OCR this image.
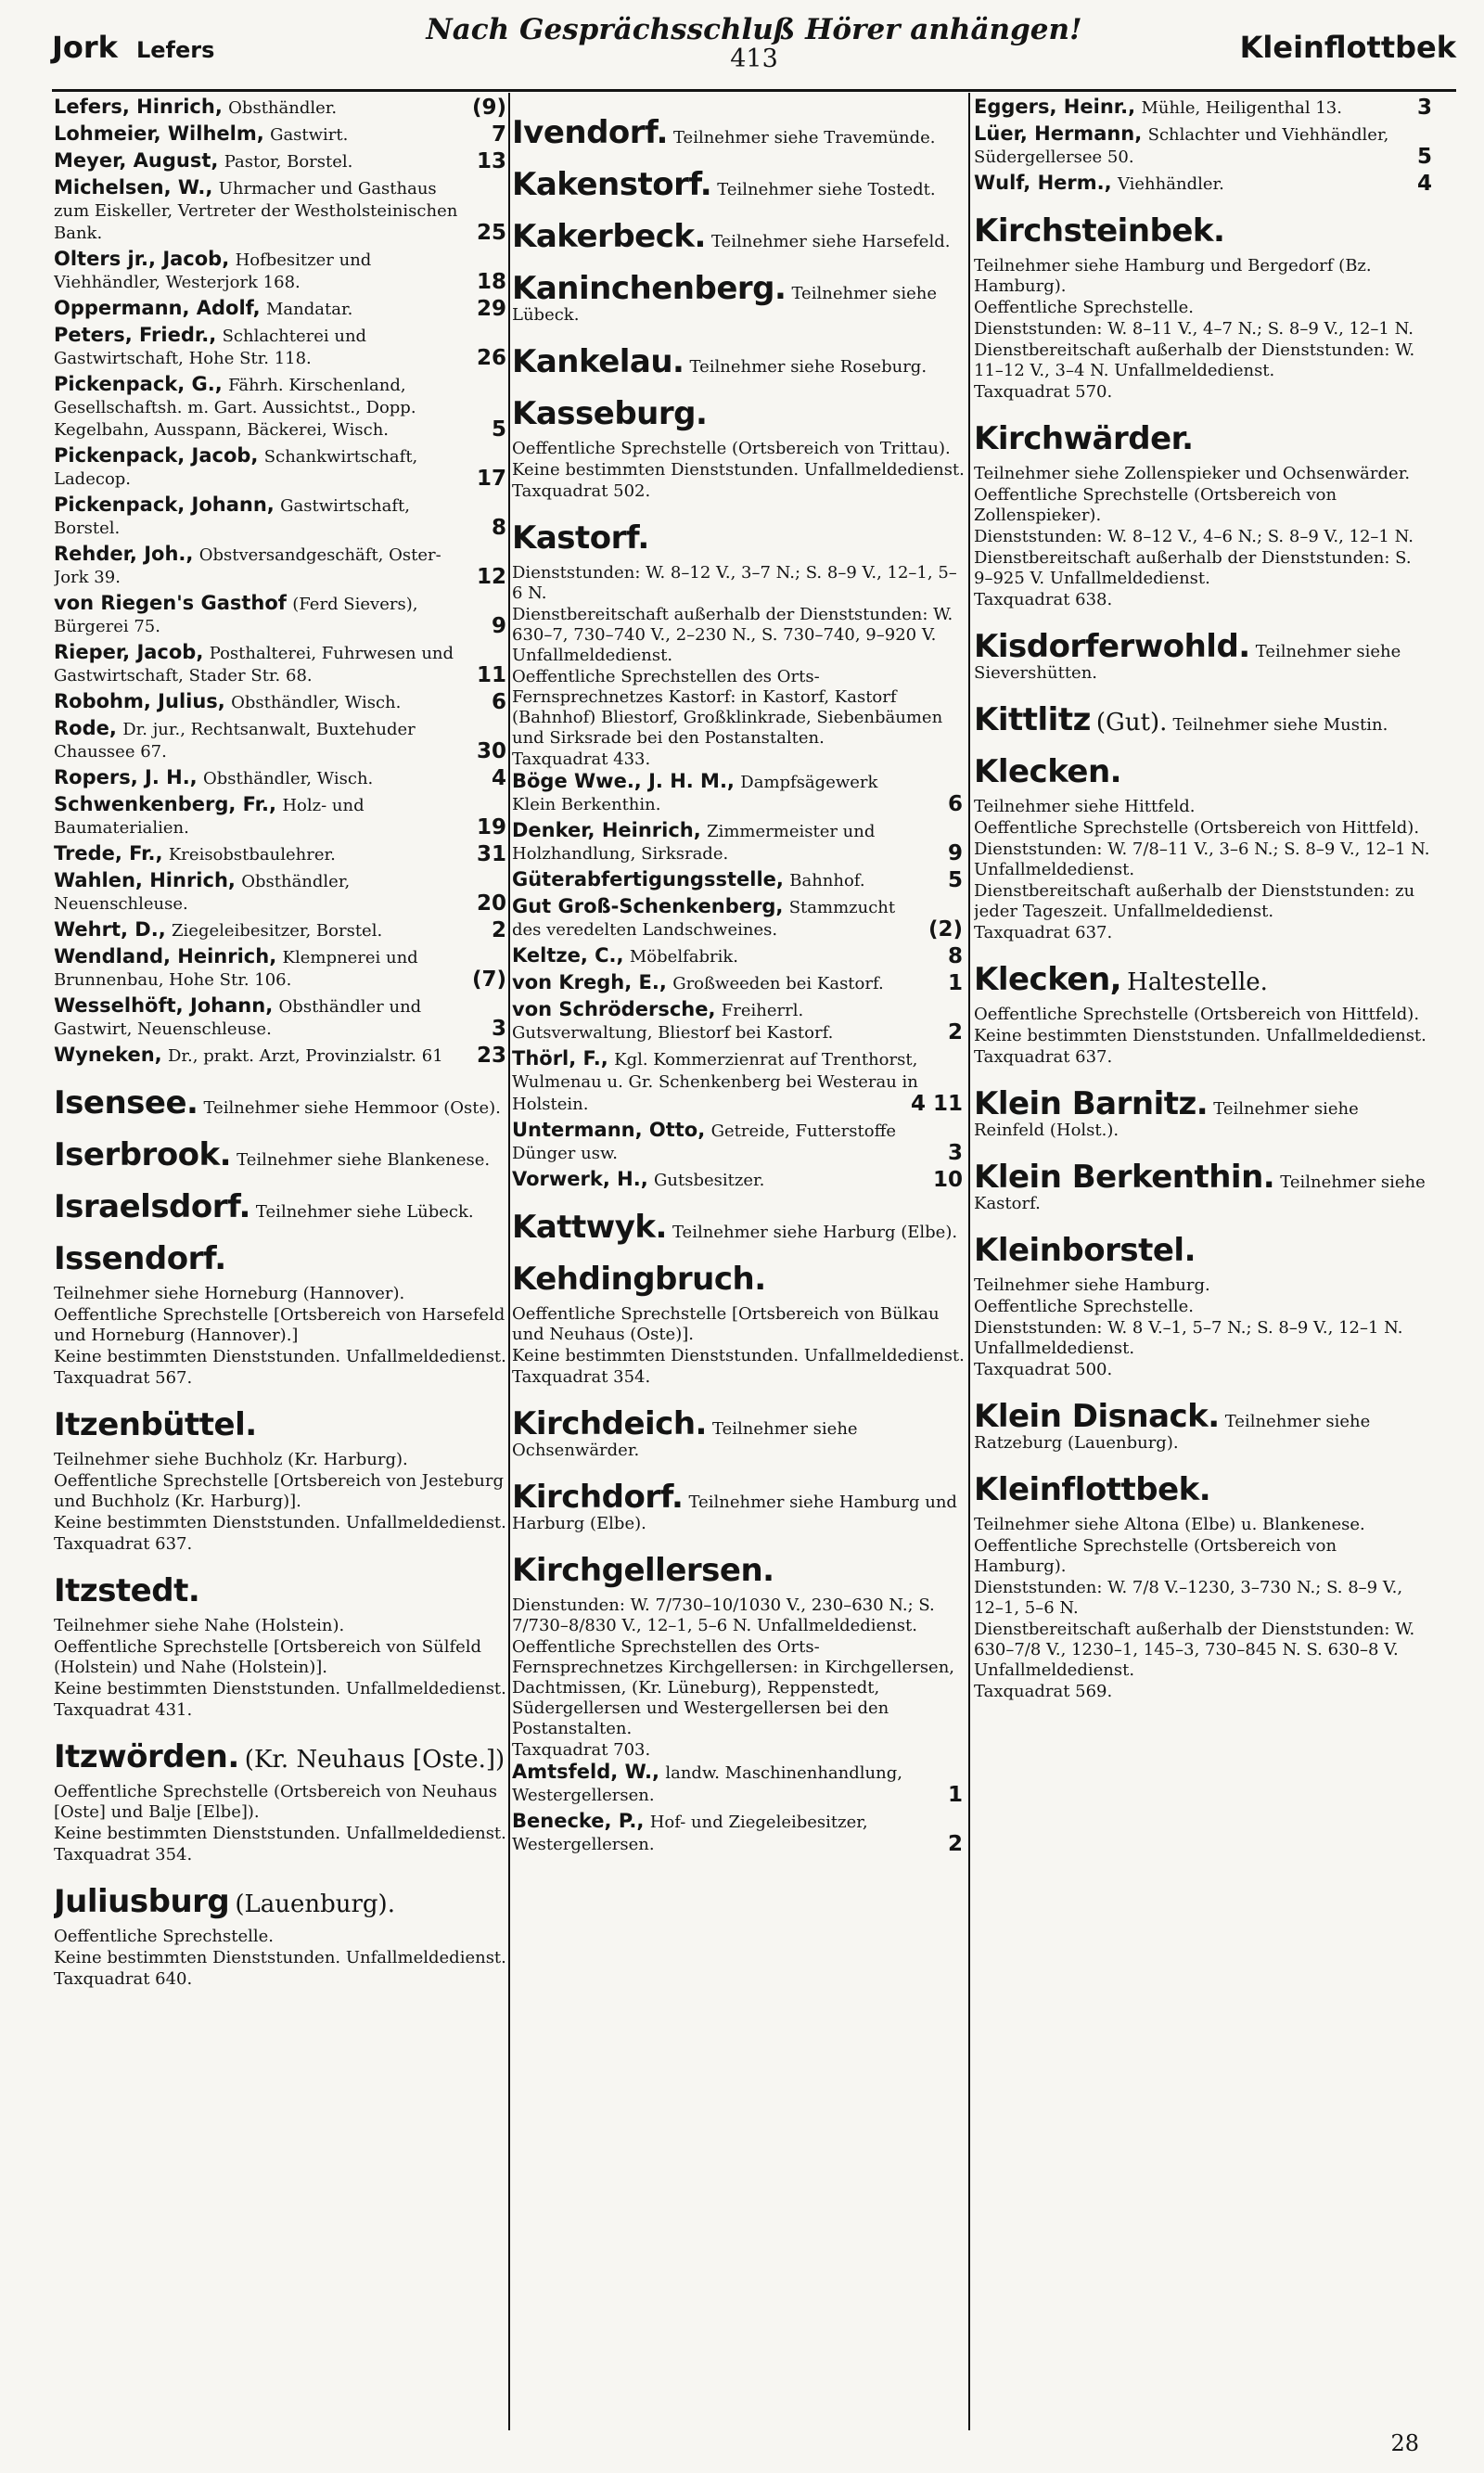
Jork Lefers
Nach Gesprächsschluß Hörer anhängen!
413	Kleinflottbek
Lefers, Hinrich, Obsthändler.	(9)
Lohmeier, Wilhelm, Gastwirt.	7
Meyer, August, Pastor, Borstel.	13
Michelsen, W., Uhrmacher und Gasthaus zum Eiskeller, Vertreter der Westholsteinischen Bank.	25
Olters jr., Jacob, Hofbesitzer und Viehhändler, Westerjork 168.	18
Oppermann, Adolf, Mandatar.	29
Peters, Friedr., Schlachterei und Gastwirtschaft, Hohe Str. 118.	26
Pickenpack, G., Fährh. Kirschenland, Gesellschaftsh. m. Gart. Aussichtst., Dopp. Kegelbahn, Ausspann, Bäckerei, Wisch.	5
Pickenpack, Jacob, Schankwirtschaft, Ladecop.	17
Pickenpack, Johann, Gastwirtschaft, Borstel.	8
Rehder, Joh., Obstversandgeschäft, Oster-Jork 39.	12
von Riegen's Gasthof (Ferd Sievers), Bürgerei 75.	9
Rieper, Jacob, Posthalterei, Fuhrwesen und Gastwirtschaft, Stader Str. 68.	11
Robohm, Julius, Obsthändler, Wisch.	6
Rode, Dr. jur., Rechtsanwalt, Buxtehuder Chaussee 67.	30
Ropers, J. H., Obsthändler, Wisch.	4
Schwenkenberg, Fr., Holz- und Baumaterialien.	19
Trede, Fr., Kreisobstbaulehrer.	31
Wahlen, Hinrich, Obsthändler, Neuenschleuse.	20
Wehrt, D., Ziegeleibesitzer, Borstel.	2
Wendland, Heinrich, Klempnerei und Brunnenbau, Hohe Str. 106.	(7)
Wesselhöft, Johann, Obsthändler und Gastwirt, Neuenschleuse.	3
Wyneken, Dr., prakt. Arzt, Provinzialstr. 61 23
Isensee. Teilnehmer siehe Hemmoor (Oste).
Iserbrook. Teilnehmer siehe Blankenese.
Israelsdorf. Teilnehmer siehe Lübeck.
Issendorf.
Teilnehmer siehe Horneburg (Hannover).
Oeffentliche Sprechstelle [Ortsbereich von Harsefeld und Horneburg (Hannover).]
Keine bestimmten Dienststunden. Unfallmeldedienst.
Taxquadrat 567.
Itzenbüttel.
Teilnehmer siehe Buchholz (Kr. Harburg).
Oeffentliche Sprechstelle [Ortsbereich von Jesteburg und Buchholz (Kr. Harburg)].
Keine bestimmten Dienststunden. Unfallmeldedienst.
Taxquadrat 637.
Itzstedt.
Teilnehmer siehe Nahe (Holstein).
Oeffentliche Sprechstelle [Ortsbereich von Sülfeld (Holstein) und Nahe (Holstein)].
Keine bestimmten Dienststunden. Unfallmeldedienst.
Taxquadrat 431.
Itzwörden. (Kr. Neuhaus [Oste.])
Oeffentliche Sprechstelle (Ortsbereich von Neuhaus [Oste] und Balje [Elbe]).
Keine bestimmten Dienststunden. Unfallmeldedienst.
Taxquadrat 354.
Juliusburg (Lauenburg).
Oeffentliche Sprechstelle.
Keine bestimmten Dienststunden. Unfallmeldedienst.
Taxquadrat 640.
Ivendorf. Teilnehmer siehe Travemünde.
Kakenstorf. Teilnehmer siehe Tostedt.
Kakerbeck. Teilnehmer siehe Harsefeld.
Kaninchenberg. Teilnehmer siehe Lübeck.
Kankelau. Teilnehmer siehe Roseburg.
Kasseburg.
Oeffentliche Sprechstelle (Ortsbereich von Trittau).
Keine bestimmten Dienststunden. Unfallmeldedienst.
Taxquadrat 502.
Kastorf.
Dienststunden: W. 8–12 V., 3–7 N.; S. 8–9 V., 12–1, 5–6 N.
Dienstbereitschaft außerhalb der Dienststunden: W. 630–7, 730–740 V., 2–230 N., S. 730–740, 9–920 V. Unfallmeldedienst.
Oeffentliche Sprechstellen des Orts-Fernsprechnetzes Kastorf: in Kastorf, Kastorf (Bahnhof) Bliestorf, Großklinkrade, Siebenbäumen und Sirksrade bei den Postanstalten.
Taxquadrat 433.
Böge Wwe., J. H. M., Dampfsägewerk Klein Berkenthin.	6
Denker, Heinrich, Zimmermeister und Holzhandlung, Sirksrade.	9
Güterabfertigungsstelle, Bahnhof.	5
Gut Groß-Schenkenberg, Stammzucht des veredelten Landschweines.	(2)
Keltze, C., Möbelfabrik.	8
von Kregh, E., Großweeden bei Kastorf.	1
von Schrödersche, Freiherrl. Gutsverwaltung, Bliestorf bei Kastorf.	2
Thörl, F., Kgl. Kommerzienrat auf Trenthorst, Wulmenau u. Gr. Schenkenberg bei Westerau in Holstein.	4 11
Untermann, Otto, Getreide, Futterstoffe Dünger usw.	3
Vorwerk, H., Gutsbesitzer.	10
Kattwyk. Teilnehmer siehe Harburg (Elbe).
Kehdingbruch.
Oeffentliche Sprechstelle [Ortsbereich von Bülkau und Neuhaus (Oste)].
Keine bestimmten Dienststunden. Unfallmeldedienst.
Taxquadrat 354.
Kirchdeich. Teilnehmer siehe Ochsenwärder.
Kirchdorf. Teilnehmer siehe Hamburg und Harburg (Elbe).
Kirchgellersen.
Dienstunden: W. 7/730–10/1030 V., 230–630 N.; S. 7/730–8/830 V., 12–1, 5–6 N. Unfallmeldedienst.
Oeffentliche Sprechstellen des Orts-Fernsprechnetzes Kirchgellersen: in Kirchgellersen, Dachtmissen, (Kr. Lüneburg), Reppenstedt, Südergellersen und Westergellersen bei den Postanstalten.
Taxquadrat 703.
Amtsfeld, W., landw. Maschinenhandlung, Westergellersen.	1
Benecke, P., Hof- und Ziegeleibesitzer, Westergellersen.	2
Eggers, Heinr., Mühle, Heiligenthal 13.	3
Lüer, Hermann, Schlachter und Viehhändler, Südergellersee 50.	5
Wulf, Herm., Viehhändler.	4
Kirchsteinbek.
Teilnehmer siehe Hamburg und Bergedorf (Bz. Hamburg).
Oeffentliche Sprechstelle.
Dienststunden: W. 8–11 V., 4–7 N.; S. 8–9 V., 12–1 N.
Dienstbereitschaft außerhalb der Dienststunden: W. 11–12 V., 3–4 N. Unfallmeldedienst.
Taxquadrat 570.
Kirchwärder.
Teilnehmer siehe Zollenspieker und Ochsenwärder.
Oeffentliche Sprechstelle (Ortsbereich von Zollenspieker).
Dienststunden: W. 8–12 V., 4–6 N.; S. 8–9 V., 12–1 N.
Dienstbereitschaft außerhalb der Dienststunden: S. 9–925 V. Unfallmeldedienst.
Taxquadrat 638.
Kisdorferwohld. Teilnehmer siehe Sievershütten.
Kittlitz (Gut). Teilnehmer siehe Mustin.
Klecken.
Teilnehmer siehe Hittfeld.
Oeffentliche Sprechstelle (Ortsbereich von Hittfeld).
Dienststunden: W. 7/8–11 V., 3–6 N.; S. 8–9 V., 12–1 N. Unfallmeldedienst.
Dienstbereitschaft außerhalb der Dienststunden: zu jeder Tageszeit. Unfallmeldedienst.
Taxquadrat 637.
Klecken, Haltestelle.
Oeffentliche Sprechstelle (Ortsbereich von Hittfeld).
Keine bestimmten Dienststunden. Unfallmeldedienst.
Taxquadrat 637.
Klein Barnitz. Teilnehmer siehe Reinfeld (Holst.).
Klein Berkenthin. Teilnehmer siehe Kastorf.
Kleinborstel.
Teilnehmer siehe Hamburg.
Oeffentliche Sprechstelle.
Dienststunden: W. 8 V.–1, 5–7 N.; S. 8–9 V., 12–1 N. Unfallmeldedienst.
Taxquadrat 500.
Klein Disnack. Teilnehmer siehe Ratzeburg (Lauenburg).
Kleinflottbek.
Teilnehmer siehe Altona (Elbe) u. Blankenese.
Oeffentliche Sprechstelle (Ortsbereich von Hamburg).
Dienststunden: W. 7/8 V.–1230, 3–730 N.; S. 8–9 V., 12–1, 5–6 N.
Dienstbereitschaft außerhalb der Dienststunden: W. 630–7/8 V., 1230–1, 145–3, 730–845 N. S. 630–8 V. Unfallmeldedienst.
Taxquadrat 569.
28
